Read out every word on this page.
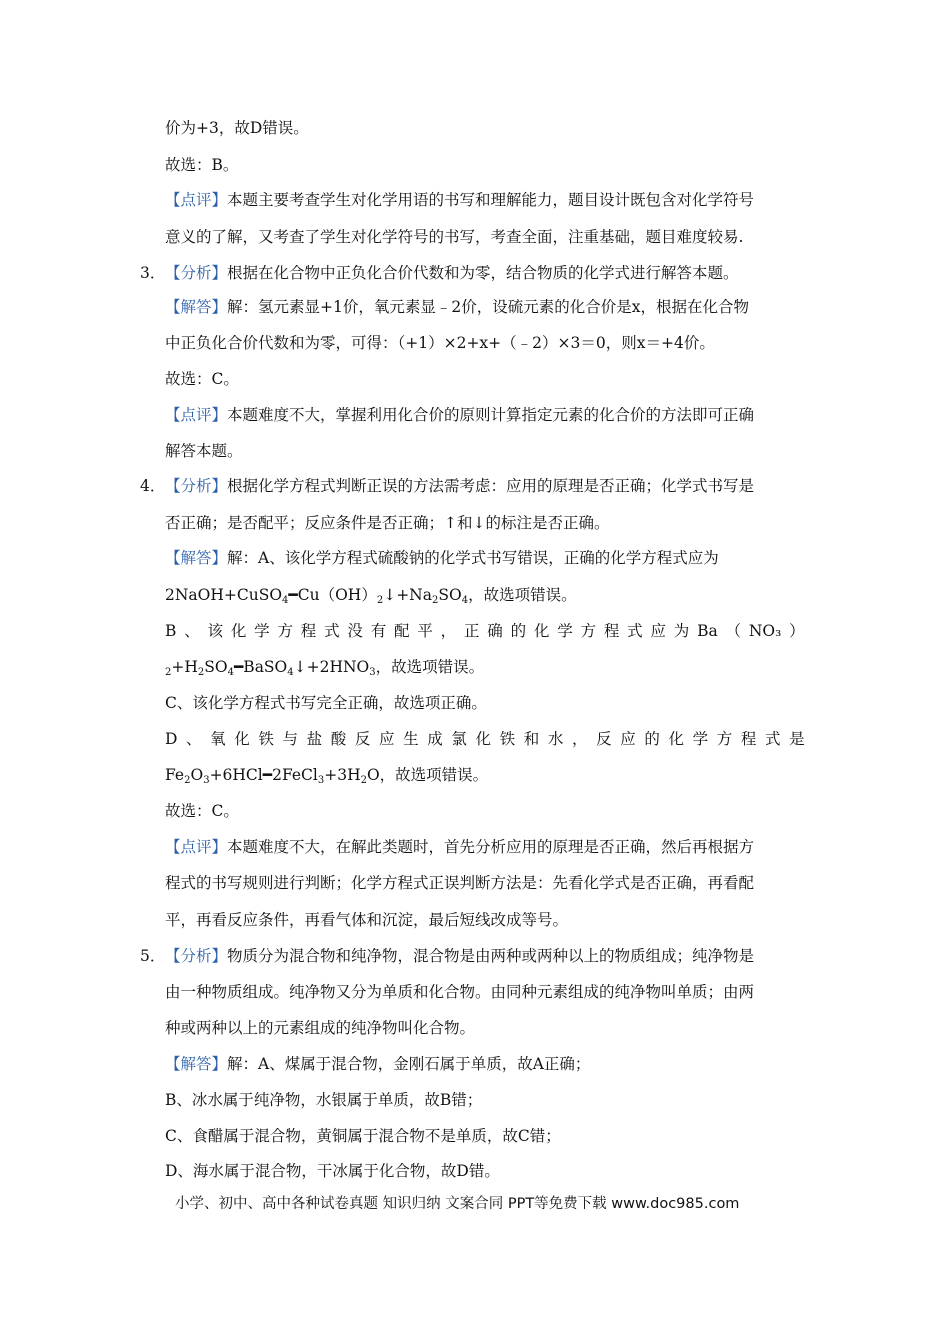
价为+3，故D错误。
故选：B。
【点评】本题主要考查学生对化学用语的书写和理解能力，题目设计既包含对化学符号
意义的了解，又考查了学生对化学符号的书写，考查全面，注重基础，题目难度较易.
3． 【分析】根据在化合物中正负化合价代数和为零，结合物质的化学式进行解答本题。
【解答】解：氢元素显+1价，氧元素显﹣2价，设硫元素的化合价是x，根据在化合物
中正负化合价代数和为零，可得：（+1）×2+x+（﹣2）×3＝0，则x＝+4价。
故选：C。
【点评】本题难度不大，掌握利用化合价的原则计算指定元素的化合价的方法即可正确
解答本题。
4． 【分析】根据化学方程式判断正误的方法需考虑：应用的原理是否正确；化学式书写是
否正确；是否配平；反应条件是否正确；↑和↓的标注是否正确。
【解答】解：A、该化学方程式硫酸钠的化学式书写错误，正确的化学方程式应为
$2NaOH+CuSO_4━Cu(OH)_2↓+Na_2SO_4$，故选项错误。
B 、 该 化 学 方 程 式 没 有 配 平 ， 正 确 的 化 学 方 程 式 应 为 Ba （ NO₃ ）
$_2+H_2SO_4━BaSO_4↓+2HNO_3$，故选项错误。
C、该化学方程式书写完全正确，故选项正确。
D 、 氧 化 铁 与 盐 酸 反 应 生 成 氯 化 铁 和 水 ， 反 应 的 化 学 方 程 式 是
$Fe_2O_3+6HCl━2FeCl_3+3H_2O$，故选项错误。
故选：C。
【点评】本题难度不大，在解此类题时，首先分析应用的原理是否正确，然后再根据方
程式的书写规则进行判断；化学方程式正误判断方法是：先看化学式是否正确，再看配
平，再看反应条件，再看气体和沉淀，最后短线改成等号。
5． 【分析】物质分为混合物和纯净物，混合物是由两种或两种以上的物质组成；纯净物是
由一种物质组成。纯净物又分为单质和化合物。由同种元素组成的纯净物叫单质；由两
种或两种以上的元素组成的纯净物叫化合物。
【解答】解：A、煤属于混合物，金刚石属于单质，故A正确；
B、冰水属于纯净物，水银属于单质，故B错；
C、食醋属于混合物，黄铜属于混合物不是单质，故C错；
D、海水属于混合物，干冰属于化合物，故D错。
小学、初中、高中各种试卷真题 知识归纳 文案合同 PPT等免费下载 www.doc985.com
